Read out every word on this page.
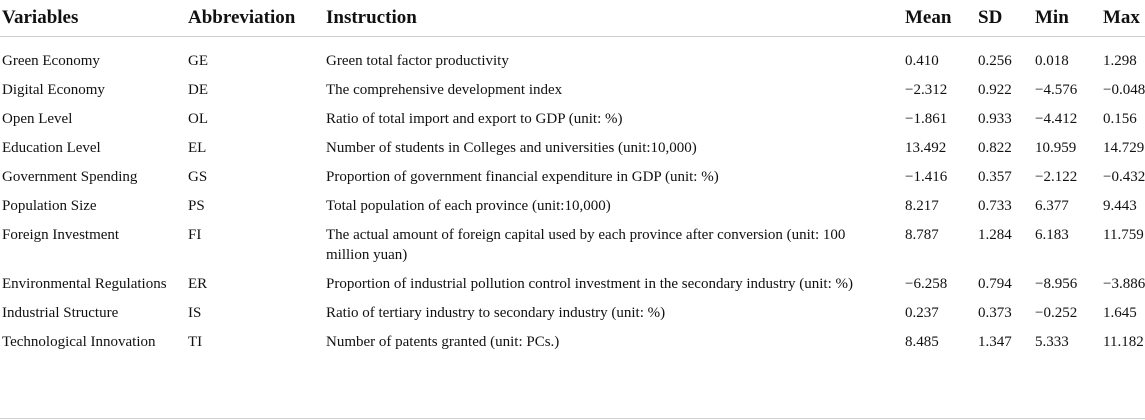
Variables	Abbreviation	Instruction	Mean	SD	Min	Max
Green Economy	GE	Green total factor productivity	0.410	0.256	0.018	1.298
Digital Economy	DE	The comprehensive development index	−2.312	0.922	−4.576	−0.048
Open Level	OL	Ratio of total import and export to GDP (unit: %)	−1.861	0.933	−4.412	0.156
Education Level	EL	Number of students in Colleges and universities (unit:10,000)	13.492	0.822	10.959	14.729
Government Spending	GS	Proportion of government financial expenditure in GDP (unit: %)	−1.416	0.357	−2.122	−0.432
Population Size	PS	Total population of each province (unit:10,000)	8.217	0.733	6.377	9.443
Foreign Investment	FI	The actual amount of foreign capital used by each province after conversion (unit: 100 million yuan)	8.787	1.284	6.183	11.759
Environmental Regulations	ER	Proportion of industrial pollution control investment in the secondary industry (unit: %)	−6.258	0.794	−8.956	−3.886
Industrial Structure	IS	Ratio of tertiary industry to secondary industry (unit: %)	0.237	0.373	−0.252	1.645
Technological Innovation	TI	Number of patents granted (unit: PCs.)	8.485	1.347	5.333	11.182
